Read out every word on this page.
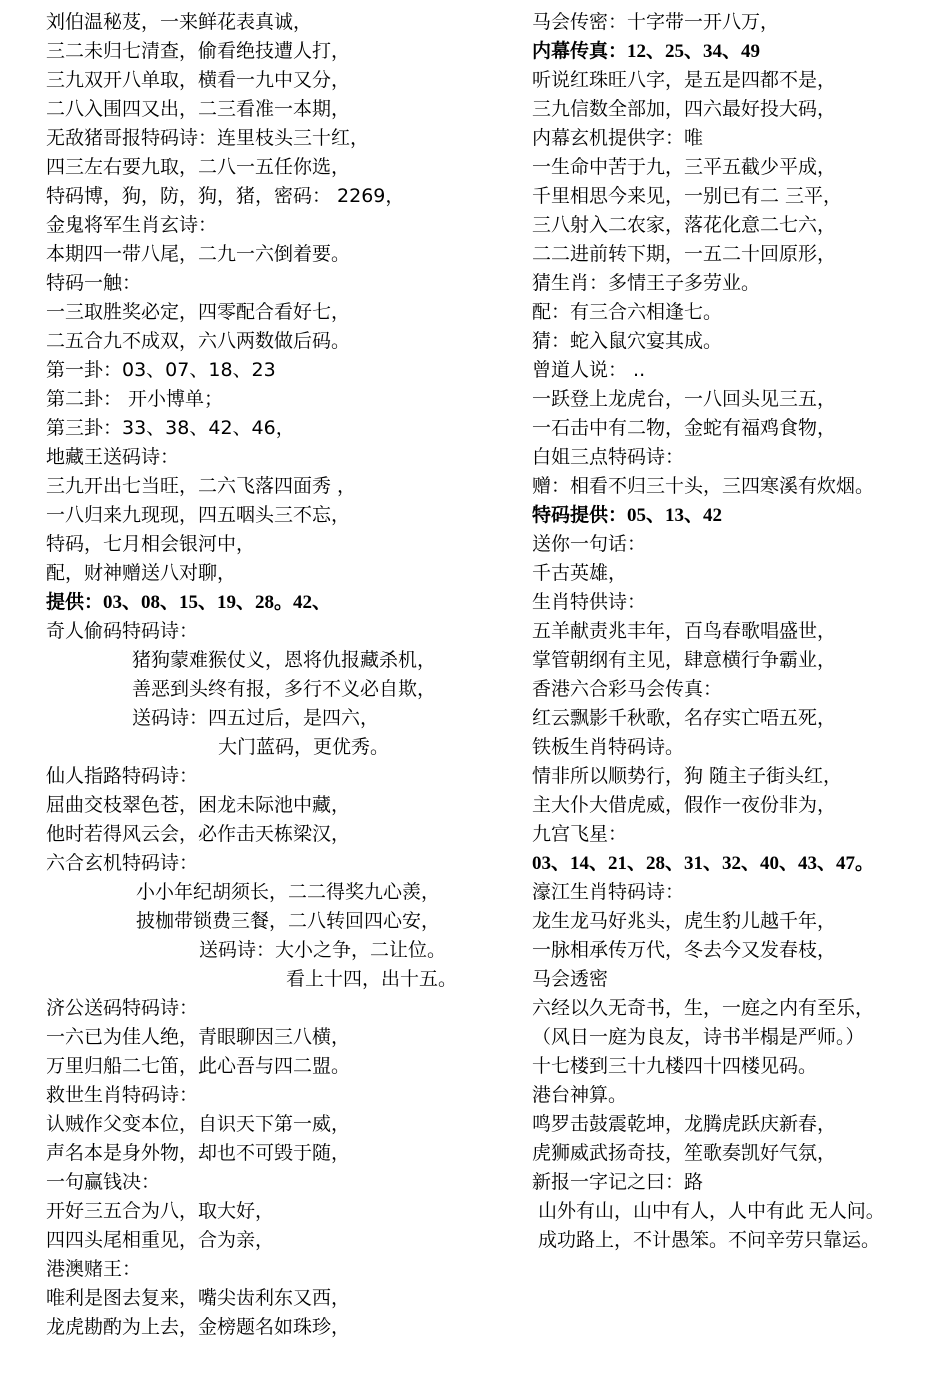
刘伯温秘芨，一来鲜花表真诚，
三二未归七清查，偷看绝技遭人打，
三九双开八单取，横看一九中又分，
二八入围四又出，二三看准一本期，
无敌猪哥报特码诗：连里枝头三十红，
四三左右要九取，二八一五任你选，
特码博，狗，防，狗，猪，密码： 2269，
金鬼将军生肖玄诗：
本期四一带八尾，二九一六倒着要。
特码一触：
一三取胜奖必定，四零配合看好七，
二五合九不成双，六八两数做后码。
第一卦：03、07、18、23
第二卦： 开小博单；
第三卦：33、38、42、46，
地藏王送码诗：
三九开出七当旺，二六飞落四面秀 ，
一八归来九现现，四五咽头三不忘，
特码，七月相会银河中，
配，财神赠送八对聊，
提供：03、08、15、19、28。42、
奇人偷码特码诗：
猪狗蒙难猴仗义，恩将仇报藏杀机，
善恶到头终有报，多行不义必自欺，
送码诗：四五过后，是四六，
大门蓝码，更优秀。
仙人指路特码诗：
屈曲交枝翠色苍，困龙未际池中藏，
他时若得风云会，必作击天栋梁汉，
六合玄机特码诗：
小小年纪胡须长，二二得奖九心羡，
披枷带锁费三餐，二八转回四心安，
送码诗：大小之争，二让位。
看上十四，出十五。
济公送码特码诗：
一六已为佳人绝，青眼聊因三八横，
万里归船二七笛，此心吾与四二盟。
救世生肖特码诗：
认贼作父变本位，自识天下第一威，
声名本是身外物，却也不可毁于随，
一句赢钱决：
开好三五合为八，取大好，
四四头尾相重见，合为亲，
港澳赌王：
唯利是图去复来，嘴尖齿利东又西，
龙虎勘酌为上去，金榜题名如珠珍，
马会传密：十字带一开八万，
内幕传真：12、25、34、49
听说红珠旺八字，是五是四都不是，
三九信数全部加，四六最好投大码，
内幕玄机提供字：唯
一生命中苦于九，三平五截少平成，
千里相思今来见，一别已有二 三平，
三八射入二农家，落花化意二七六，
二二进前转下期，一五二十回原形，
猜生肖：多情王子多劳业。
配：有三合六相逢七。
猜：蛇入鼠穴宴其成。
曾道人说： ..
一跃登上龙虎台，一八回头见三五，
一石击中有二物，金蛇有福鸡食物，
白姐三点特码诗：
赠：相看不归三十头，三四寒溪有炊烟。
特码提供：05、13、42
送你一句话：
千古英雄，
生肖特供诗：
五羊献责兆丰年，百鸟春歌唱盛世，
掌管朝纲有主见，肆意横行争霸业，
香港六合彩马会传真：
红云飘影千秋歌，名存实亡唔五死，
铁板生肖特码诗。
情非所以顺势行，狗 随主子街头红，
主大仆大借虎威，假作一夜份非为，
九宫飞星：
03、14、21、28、31、32、40、43、47。
濠江生肖特码诗：
龙生龙马好兆头，虎生豹儿越千年，
一脉相承传万代，冬去今又发春枝，
马会透密
六经以久无奇书，生，一庭之内有至乐，
（风日一庭为良友，诗书半榻是严师。）
十七楼到三十九楼四十四楼见码。
港台神算。
鸣罗击鼓震乾坤，龙腾虎跃庆新春，
虎狮威武扬奇技，笙歌奏凯好气氛，
新报一字记之曰：路
山外有山，山中有人，人中有此 无人问。
成功路上，不计愚笨。不问辛劳只靠运。
